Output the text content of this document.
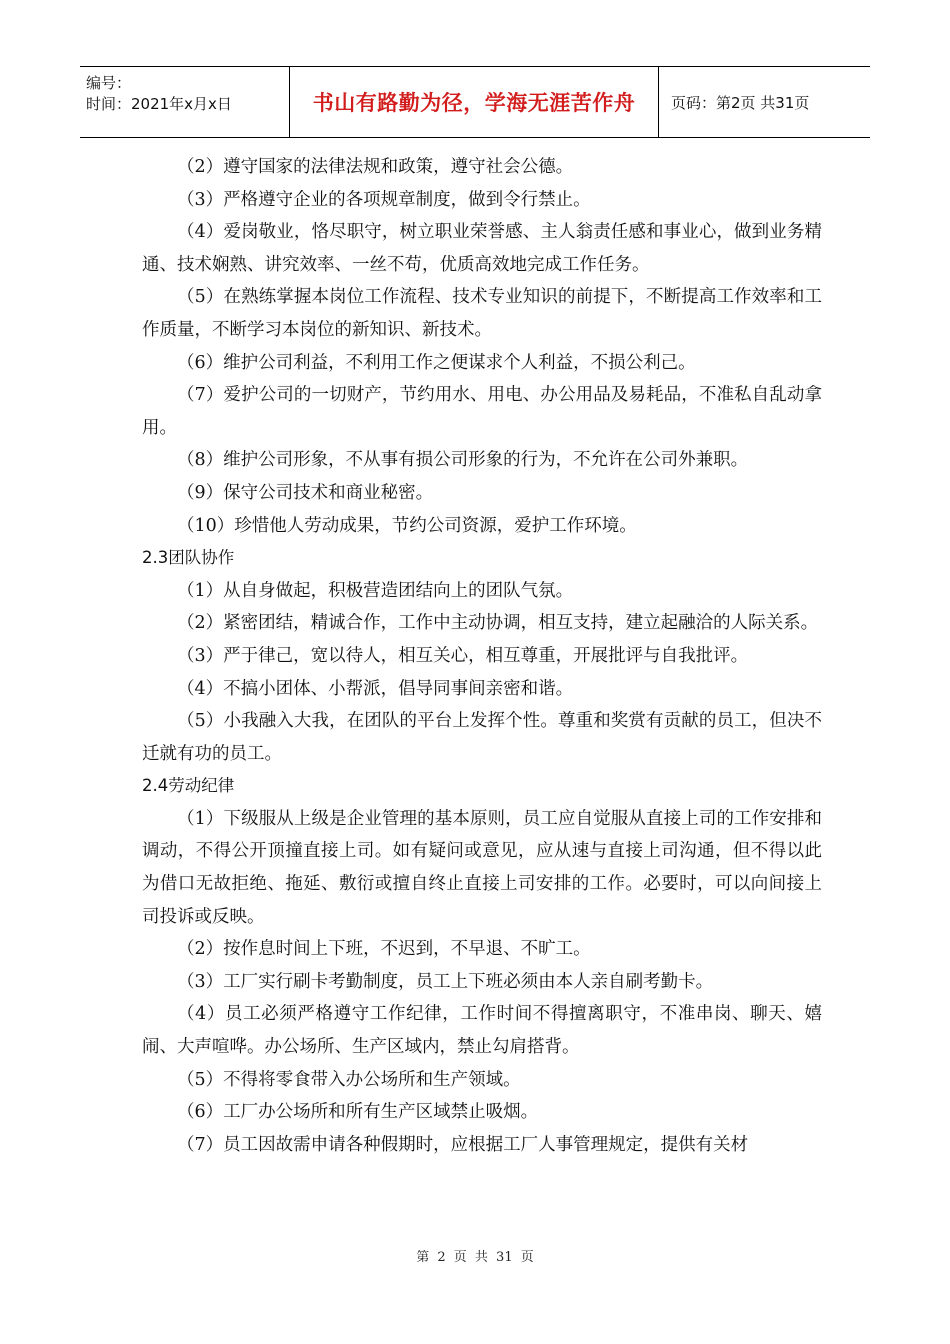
编号：
时间：2021年x月x日	书山有路勤为径，学海无涯苦作舟	页码：第2页 共31页

（2）遵守国家的法律法规和政策，遵守社会公德。

（3）严格遵守企业的各项规章制度，做到令行禁止。

（4）爱岗敬业，恪尽职守，树立职业荣誉感、主人翁责任感和事业心，做到业务精通、技术娴熟、讲究效率、一丝不苟，优质高效地完成工作任务。

（5）在熟练掌握本岗位工作流程、技术专业知识的前提下，不断提高工作效率和工作质量，不断学习本岗位的新知识、新技术。

（6）维护公司利益，不利用工作之便谋求个人利益，不损公利己。

（7）爱护公司的一切财产，节约用水、用电、办公用品及易耗品，不准私自乱动拿用。

（8）维护公司形象，不从事有损公司形象的行为，不允许在公司外兼职。

（9）保守公司技术和商业秘密。

（10）珍惜他人劳动成果，节约公司资源，爱护工作环境。

2.3团队协作

（1）从自身做起，积极营造团结向上的团队气氛。

（2）紧密团结，精诚合作，工作中主动协调，相互支持，建立起融洽的人际关系。

（3）严于律己，宽以待人，相互关心，相互尊重，开展批评与自我批评。

（4）不搞小团体、小帮派，倡导同事间亲密和谐。

（5）小我融入大我，在团队的平台上发挥个性。尊重和奖赏有贡献的员工，但决不迁就有功的员工。

2.4劳动纪律

（1）下级服从上级是企业管理的基本原则，员工应自觉服从直接上司的工作安排和调动，不得公开顶撞直接上司。如有疑问或意见，应从速与直接上司沟通，但不得以此为借口无故拒绝、拖延、敷衍或擅自终止直接上司安排的工作。必要时，可以向间接上司投诉或反映。

（2）按作息时间上下班，不迟到，不早退、不旷工。

（3）工厂实行刷卡考勤制度，员工上下班必须由本人亲自刷考勤卡。

（4）员工必须严格遵守工作纪律，工作时间不得擅离职守，不准串岗、聊天、嬉闹、大声喧哗。办公场所、生产区域内，禁止勾肩搭背。

（5）不得将零食带入办公场所和生产领域。

（6）工厂办公场所和所有生产区域禁止吸烟。

（7）员工因故需申请各种假期时，应根据工厂人事管理规定，提供有关材

第 2 页 共 31 页
